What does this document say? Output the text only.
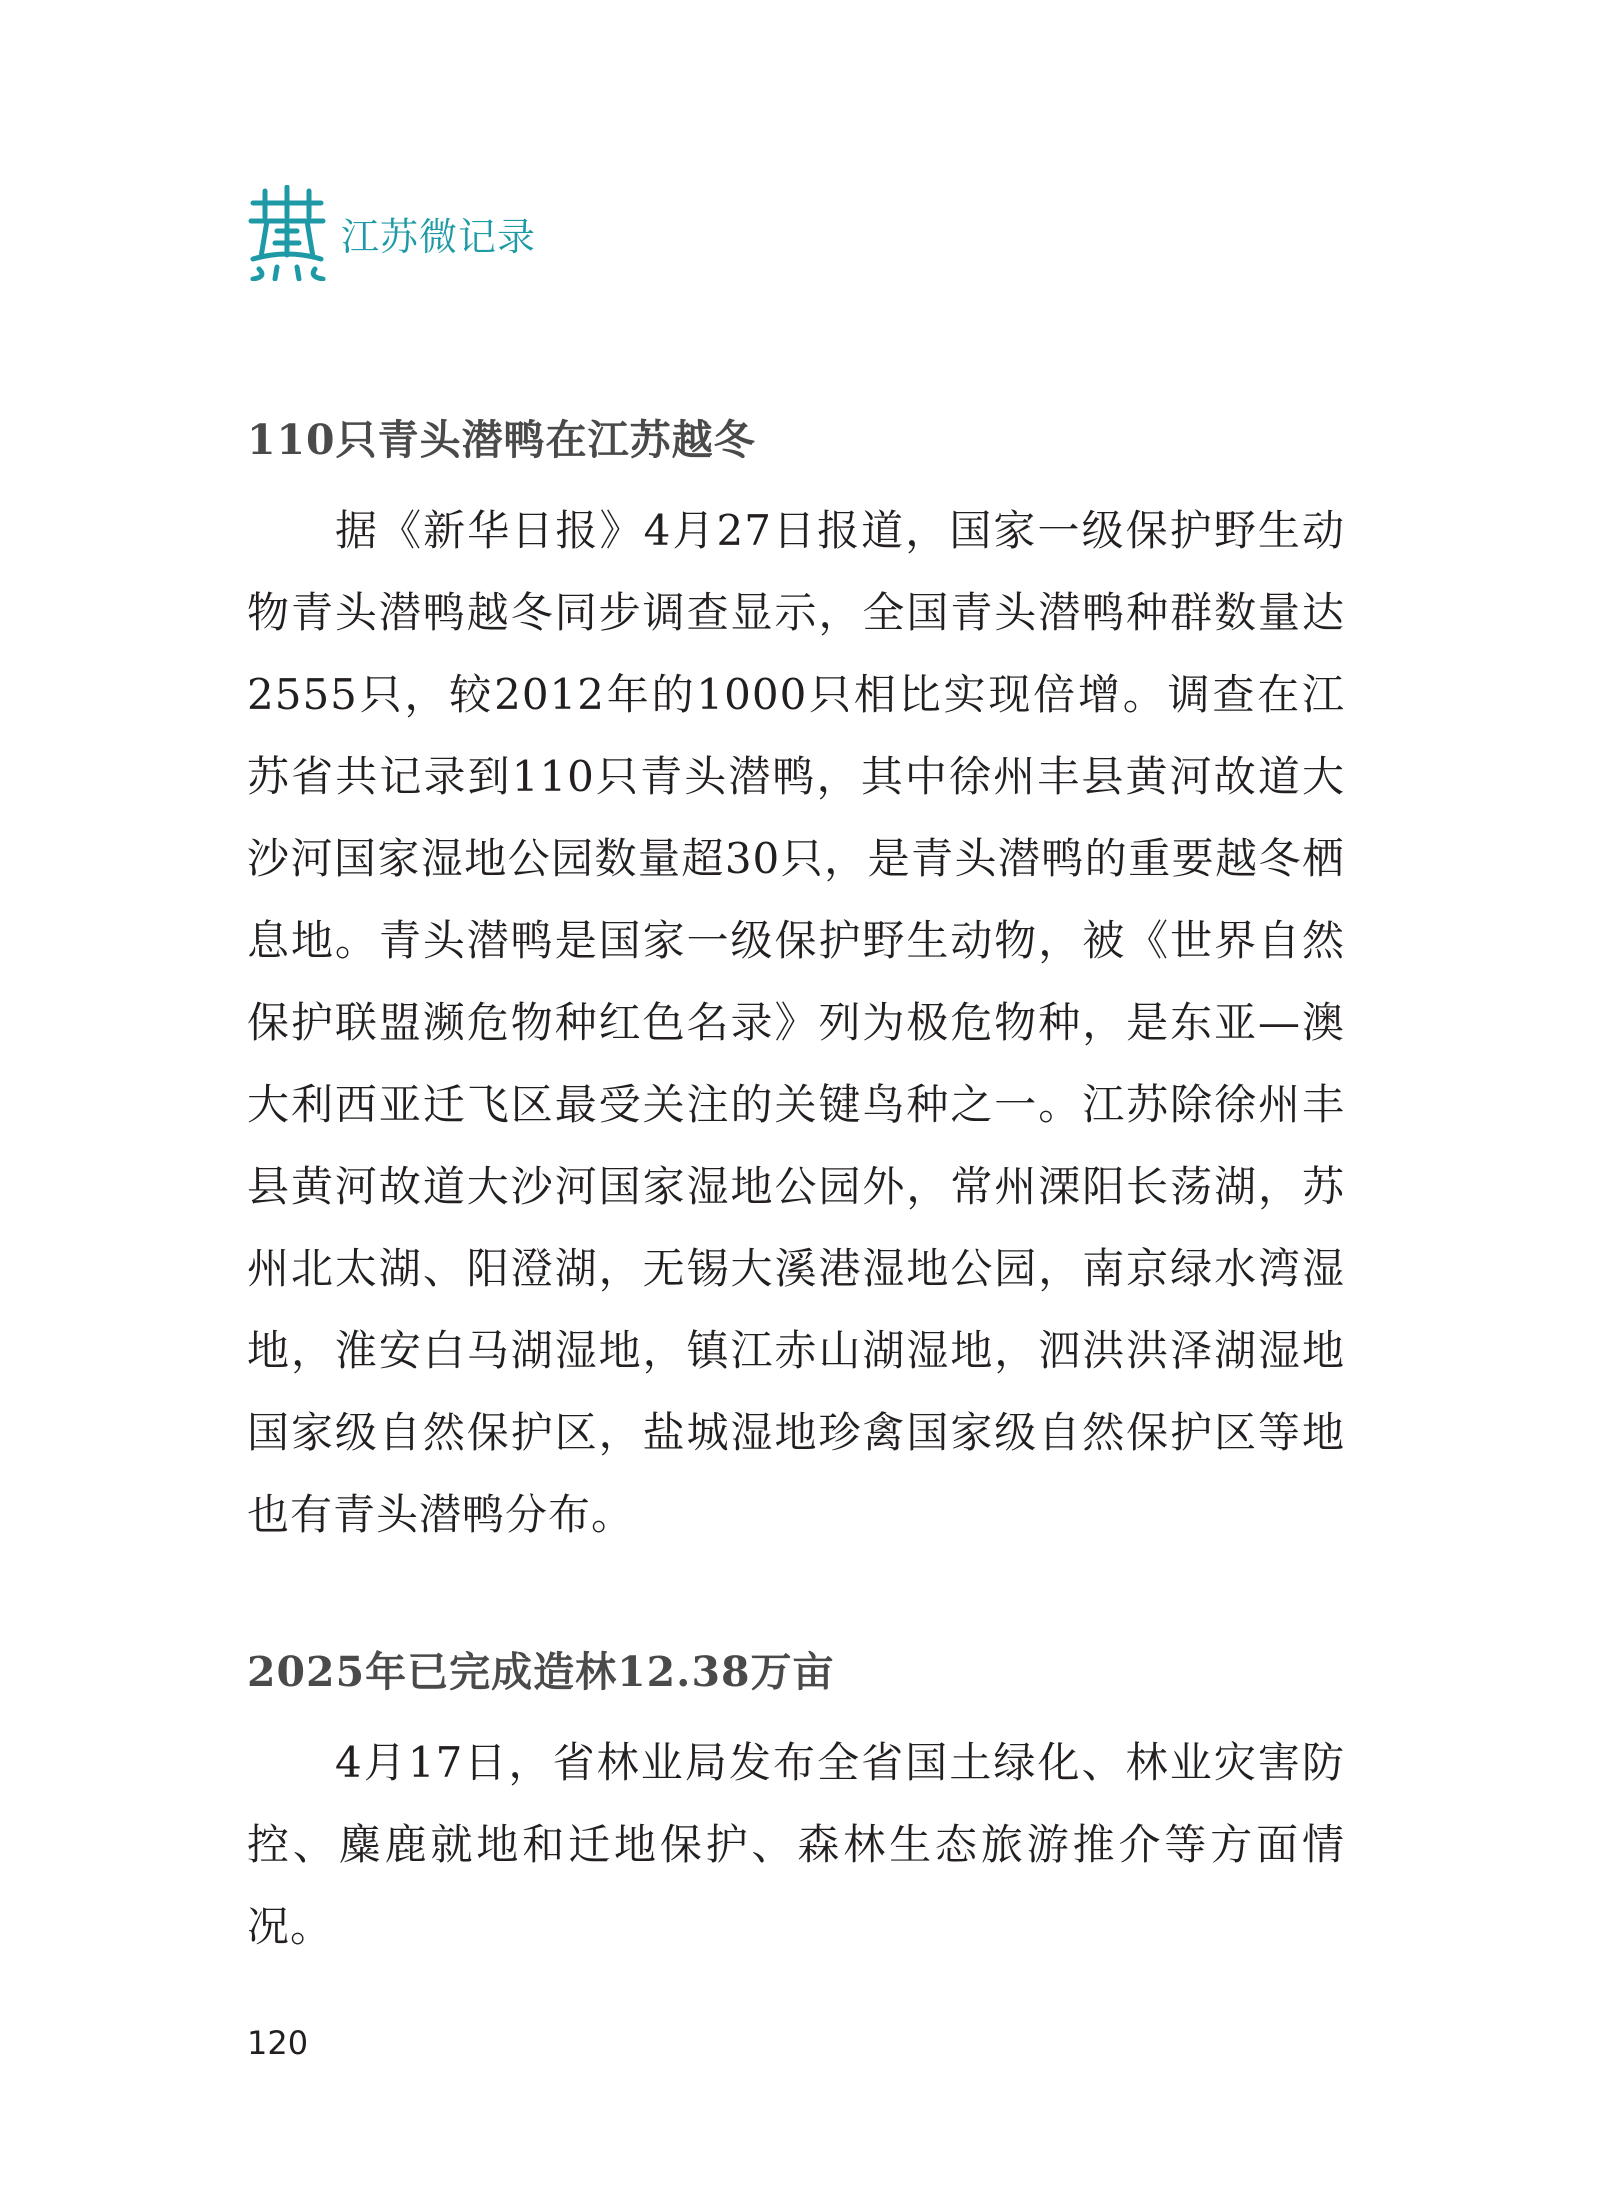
江苏微记录
110只青头潜鸭在江苏越冬

据《新华日报》4月27日报道，国家一级保护野生动物青头潜鸭越冬同步调查显示，全国青头潜鸭种群数量达2555只，较2012年的1000只相比实现倍增。调查在江苏省共记录到110只青头潜鸭，其中徐州丰县黄河故道大沙河国家湿地公园数量超30只，是青头潜鸭的重要越冬栖息地。青头潜鸭是国家一级保护野生动物，被《世界自然保护联盟濒危物种红色名录》列为极危物种，是东亚—澳大利西亚迁飞区最受关注的关键鸟种之一。江苏除徐州丰县黄河故道大沙河国家湿地公园外，常州溧阳长荡湖，苏州北太湖、阳澄湖，无锡大溪港湿地公园，南京绿水湾湿地，淮安白马湖湿地，镇江赤山湖湿地，泗洪洪泽湖湿地国家级自然保护区，盐城湿地珍禽国家级自然保护区等地也有青头潜鸭分布。

2025年已完成造林12.38万亩

4月17日，省林业局发布全省国土绿化、林业灾害防控、麋鹿就地和迁地保护、森林生态旅游推介等方面情况。

120
